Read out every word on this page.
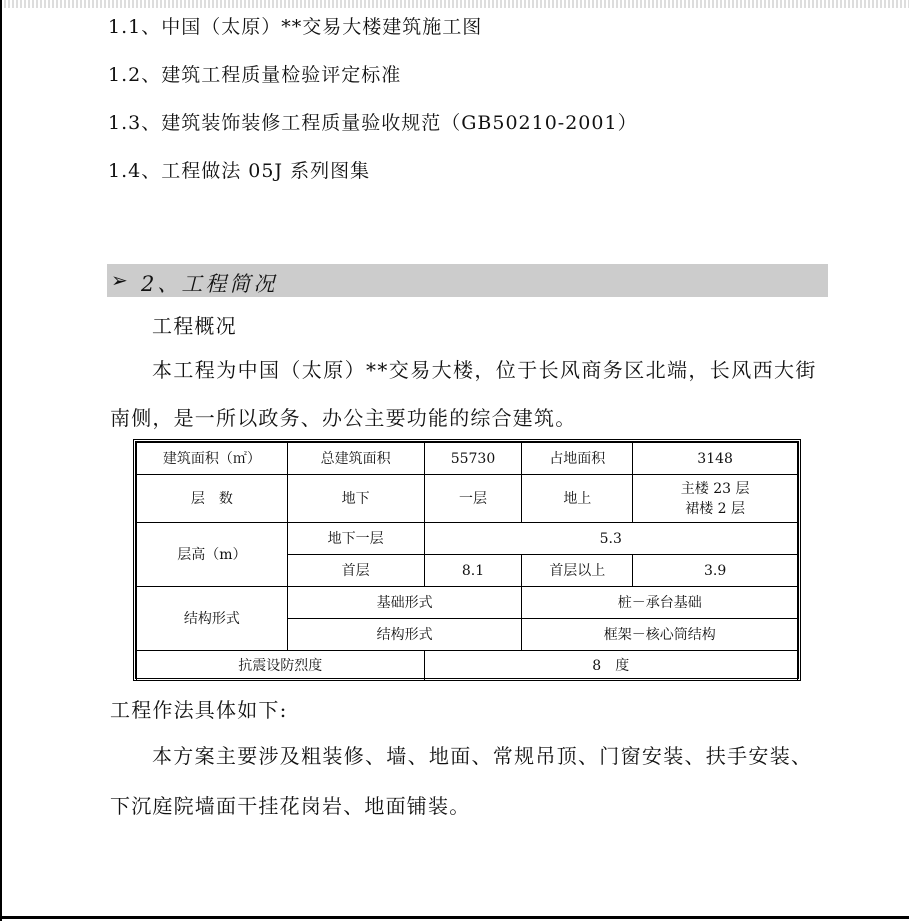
1.1、中国（太原）**交易大楼建筑施工图
1.2、建筑工程质量检验评定标准
1.3、建筑装饰装修工程质量验收规范（GB50210-2001）
1.4、工程做法 05J 系列图集
➢ 2、工程简况
工程概况
本工程为中国（太原）**交易大楼，位于长风商务区北端，长风西大街
南侧，是一所以政务、办公主要功能的综合建筑。
建筑面积（㎡）	总建筑面积	55730	占地面积	3148
层　数	地下	一层	地上	主楼 23 层
裙楼 2 层

层高（m）	地下一层	5.3		
	首层	8.1	首层以上	3.9
结构形式	基础形式		桩－承台基础	
	结构形式		框架－核心筒结构	
抗震设防烈度		8　度		
工程作法具体如下:
本方案主要涉及粗装修、墙、地面、常规吊顶、门窗安装、扶手安装、
下沉庭院墙面干挂花岗岩、地面铺装。
